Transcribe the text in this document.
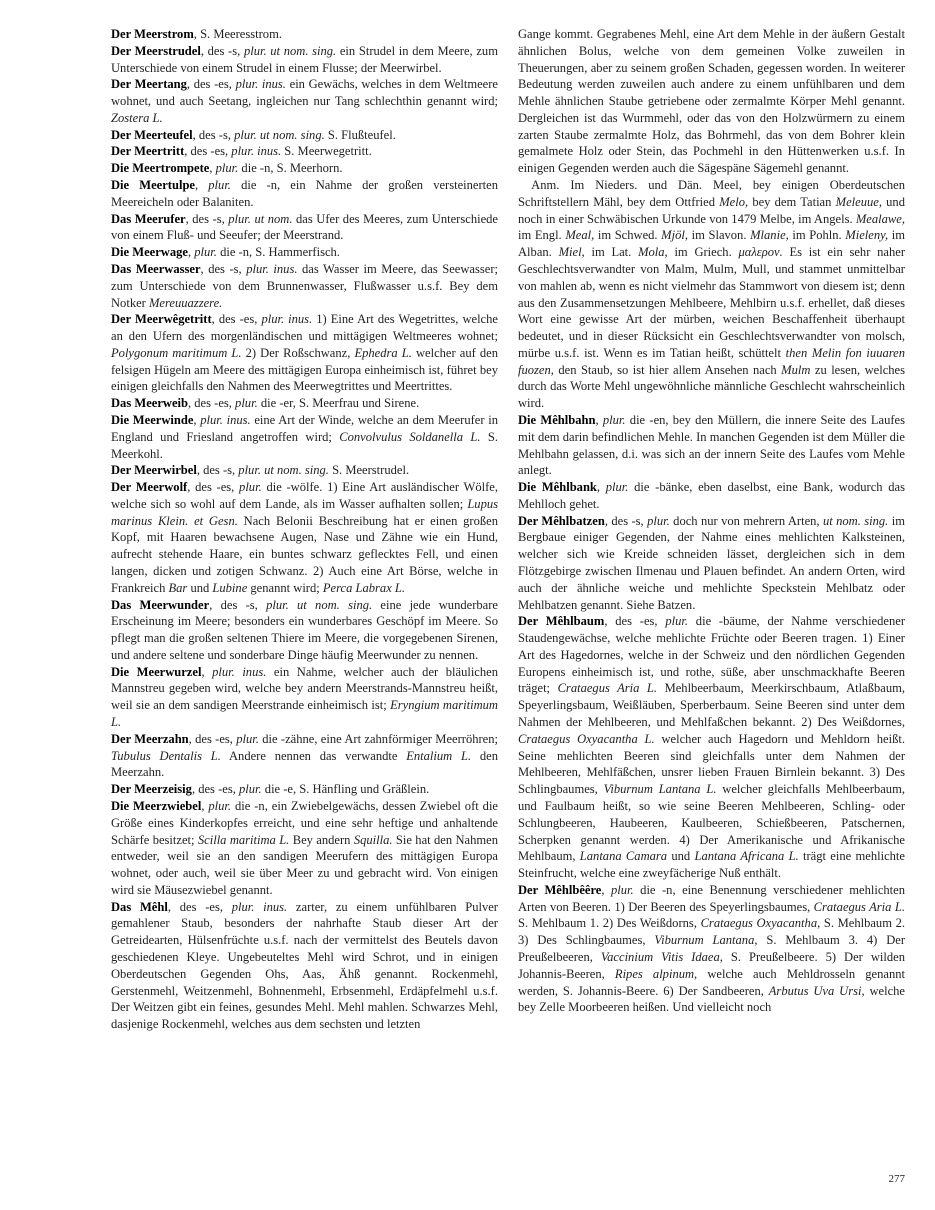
Der Meerstrom, S. Meeresstrom.

Der Meerstrudel, des -s, plur. ut nom. sing. ein Strudel in dem Meere, zum Unterschiede von einem Strudel in einem Flusse; der Meerwirbel.

Der Meertang, des -es, plur. inus. ein Gewächs, welches in dem Weltmeere wohnet, und auch Seetang, ingleichen nur Tang schlechthin genannt wird; Zostera L.

Der Meerteufel, des -s, plur. ut nom. sing. S. Flußteufel.

Der Meertritt, des -es, plur. inus. S. Meerwegetritt.

Die Meertrompete, plur. die -n, S. Meerhorn.

Die Meertulpe, plur. die -n, ein Nahme der großen versteinerten Meereicheln oder Balaniten.

Das Meerufer, des -s, plur. ut nom. das Ufer des Meeres, zum Unterschiede von einem Fluß- und Seeufer; der Meerstrand.

Die Meerwage, plur. die -n, S. Hammerfisch.

Das Meerwasser, des -s, plur. inus. das Wasser im Meere, das Seewasser; zum Unterschiede von dem Brunnenwasser, Flußwasser u.s.f. Bey dem Notker Mereuuazzere.

Der Meerwêgetritt, des -es, plur. inus. 1) Eine Art des Wegetrittes, welche an den Ufern des morgenländischen und mittägigen Weltmeeres wohnet; Polygonum maritimum L. 2) Der Roßschwanz, Ephedra L. welcher auf den felsigen Hügeln am Meere des mittägigen Europa einheimisch ist, führet bey einigen gleichfalls den Nahmen des Meerwegtrittes und Meertrittes.

Das Meerweib, des -es, plur. die -er, S. Meerfrau und Sirene.

Die Meerwinde, plur. inus. eine Art der Winde, welche an dem Meerufer in England und Friesland angetroffen wird; Convolvulus Soldanella L. S. Meerkohl.

Der Meerwirbel, des -s, plur. ut nom. sing. S. Meerstrudel.

Der Meerwolf, des -es, plur. die -wölfe. 1) Eine Art ausländischer Wölfe, welche sich so wohl auf dem Lande, als im Wasser aufhalten sollen; Lupus marinus Klein. et Gesn. Nach Belonii Beschreibung hat er einen großen Kopf, mit Haaren bewachsene Augen, Nase und Zähne wie ein Hund, aufrecht stehende Haare, ein buntes schwarz geflecktes Fell, und einen langen, dicken und zotigen Schwanz. 2) Auch eine Art Börse, welche in Frankreich Bar und Lubine genannt wird; Perca Labrax L.

Das Meerwunder, des -s, plur. ut nom. sing. eine jede wunderbare Erscheinung im Meere; besonders ein wunderbares Geschöpf im Meere. So pflegt man die großen seltenen Thiere im Meere, die vorgegebenen Sirenen, und andere seltene und sonderbare Dinge häufig Meerwunder zu nennen.

Die Meerwurzel, plur. inus. ein Nahme, welcher auch der bläulichen Mannstreu gegeben wird, welche bey andern Meerstrands-Mannstreu heißt, weil sie an dem sandigen Meerstrande einheimisch ist; Eryngium maritimum L.

Der Meerzahn, des -es, plur. die -zähne, eine Art zahnförmiger Meerröhren; Tubulus Dentalis L. Andere nennen das verwandte Entalium L. den Meerzahn.

Der Meerzeisig, des -es, plur. die -e, S. Hänfling und Gräßlein.

Die Meerzwiebel, plur. die -n, ein Zwiebelgewächs, dessen Zwiebel oft die Größe eines Kinderkopfes erreicht, und eine sehr heftige und anhaltende Schärfe besitzet; Scilla maritima L. Bey andern Squilla. Sie hat den Nahmen entweder, weil sie an den sandigen Meerufern des mittägigen Europa wohnet, oder auch, weil sie über Meer zu und gebracht wird. Von einigen wird sie Mäusezwiebel genannt.

Das Mêhl, des -es, plur. inus. zarter, zu einem unfühlbaren Pulver gemahlener Staub, besonders der nahrhafte Staub dieser Art der Getreidearten, Hülsenfrüchte u.s.f. nach der vermittelst des Beutels davon geschiedenen Kleye. Ungebeuteltes Mehl wird Schrot, und in einigen Oberdeutschen Gegenden Ohs, Aas, Ähß genannt. Rockenmehl, Gerstenmehl, Weitzenmehl, Bohnenmehl, Erbsenmehl, Erdäpfelmehl u.s.f. Der Weitzen gibt ein feines, gesundes Mehl. Mehl mahlen. Schwarzes Mehl, dasjenige Rockenmehl, welches aus dem sechsten und letzten

Gange kommt. Gegrabenes Mehl, eine Art dem Mehle in der äußern Gestalt ähnlichen Bolus, welche von dem gemeinen Volke zuweilen in Theuerungen, aber zu seinem großen Schaden, gegessen worden. In weiterer Bedeutung werden zuweilen auch andere zu einem unfühlbaren und dem Mehle ähnlichen Staube getriebene oder zermalmte Körper Mehl genannt. Dergleichen ist das Wurmmehl, oder das von den Holzwürmern zu einem zarten Staube zermalmte Holz, das Bohrmehl, das von dem Bohrer klein gemalmete Holz oder Stein, das Pochmehl in den Hüttenwerken u.s.f. In einigen Gegenden werden auch die Sägespäne Sägemehl genannt.

Anm. Im Nieders. und Dän. Meel, bey einigen Oberdeutschen Schriftstellern Mähl, bey dem Ottfried Melo, bey dem Tatian Meleuue, und noch in einer Schwäbischen Urkunde von 1479 Melbe, im Angels. Mealawe, im Engl. Meal, im Schwed. Mjöl, im Slavon. Mlanie, im Pohln. Mieleny, im Alban. Miel, im Lat. Mola, im Griech. μαλερον. Es ist ein sehr naher Geschlechtsverwandter von Malm, Mulm, Mull, und stammet unmittelbar von mahlen ab, wenn es nicht vielmehr das Stammwort von diesem ist; denn aus den Zusammensetzungen Mehlbeere, Mehlbirn u.s.f. erhellet, daß dieses Wort eine gewisse Art der mürben, weichen Beschaffenheit überhaupt bedeutet, und in dieser Rücksicht ein Geschlechtsverwandter von molsch, mürbe u.s.f. ist. Wenn es im Tatian heißt, schüttelt then Melin fon iuuaren fuozen, den Staub, so ist hier allem Ansehen nach Mulm zu lesen, welches durch das Worte Mehl ungewöhnliche männliche Geschlecht wahrscheinlich wird.

Die Mêhlbahn, plur. die -en, bey den Müllern, die innere Seite des Laufes mit dem darin befindlichen Mehle. In manchen Gegenden ist dem Müller die Mehlbahn gelassen, d.i. was sich an der innern Seite des Laufes vom Mehle anlegt.

Die Mêhlbank, plur. die -bänke, eben daselbst, eine Bank, wodurch das Mehlloch gehet.

Der Mêhlbatzen, des -s, plur. doch nur von mehrern Arten, ut nom. sing. im Bergbaue einiger Gegenden, der Nahme eines mehlichten Kalksteinen, welcher sich wie Kreide schneiden lässet, dergleichen sich in dem Flötzgebirge zwischen Ilmenau und Plauen befindet. An andern Orten, wird auch der ähnliche weiche und mehlichte Speckstein Mehlbatz oder Mehlbatzen genannt. Siehe Batzen.

Der Mêhlbaum, des -es, plur. die -bäume, der Nahme verschiedener Staudengewächse, welche mehlichte Früchte oder Beeren tragen. 1) Einer Art des Hagedornes, welche in der Schweiz und den nördlichen Gegenden Europens einheimisch ist, und rothe, süße, aber unschmackhafte Beeren träget; Crataegus Aria L. Mehlbeerbaum, Meerkirschbaum, Atlaßbaum, Speyerlingsbaum, Weißläuben, Sperberbaum. Seine Beeren sind unter dem Nahmen der Mehlbeeren, und Mehlfaßchen bekannt. 2) Des Weißdornes, Crataegus Oxyacantha L. welcher auch Hagedorn und Mehldorn heißt. Seine mehlichten Beeren sind gleichfalls unter dem Nahmen der Mehlbeeren, Mehlfäßchen, unsrer lieben Frauen Birnlein bekannt. 3) Des Schlingbaumes, Viburnum Lantana L. welcher gleichfalls Mehlbeerbaum, und Faulbaum heißt, so wie seine Beeren Mehlbeeren, Schling- oder Schlungbeeren, Haubeeren, Kaulbeeren, Schießbeeren, Patschernen, Scherpken genannt werden. 4) Der Amerikanische und Afrikanische Mehlbaum, Lantana Camara und Lantana Africana L. trägt eine mehlichte Steinfrucht, welche eine zweyfächerige Nuß enthält.

Der Mêhlbêêre, plur. die -n, eine Benennung verschiedener mehlichten Arten von Beeren. 1) Der Beeren des Speyerlingsbaumes, Crataegus Aria L. S. Mehlbaum 1. 2) Des Weißdorns, Crataegus Oxyacantha, S. Mehlbaum 2. 3) Des Schlingbaumes, Viburnum Lantana, S. Mehlbaum 3. 4) Der Preußelbeeren, Vaccinium Vitis Idaea, S. Preußelbeere. 5) Der wilden Johannis-Beeren, Ripes alpinum, welche auch Mehldrosseln genannt werden, S. Johannis-Beere. 6) Der Sandbeeren, Arbutus Uva Ursi, welche bey Zelle Moorbeeren heißen. Und vielleicht noch

277
